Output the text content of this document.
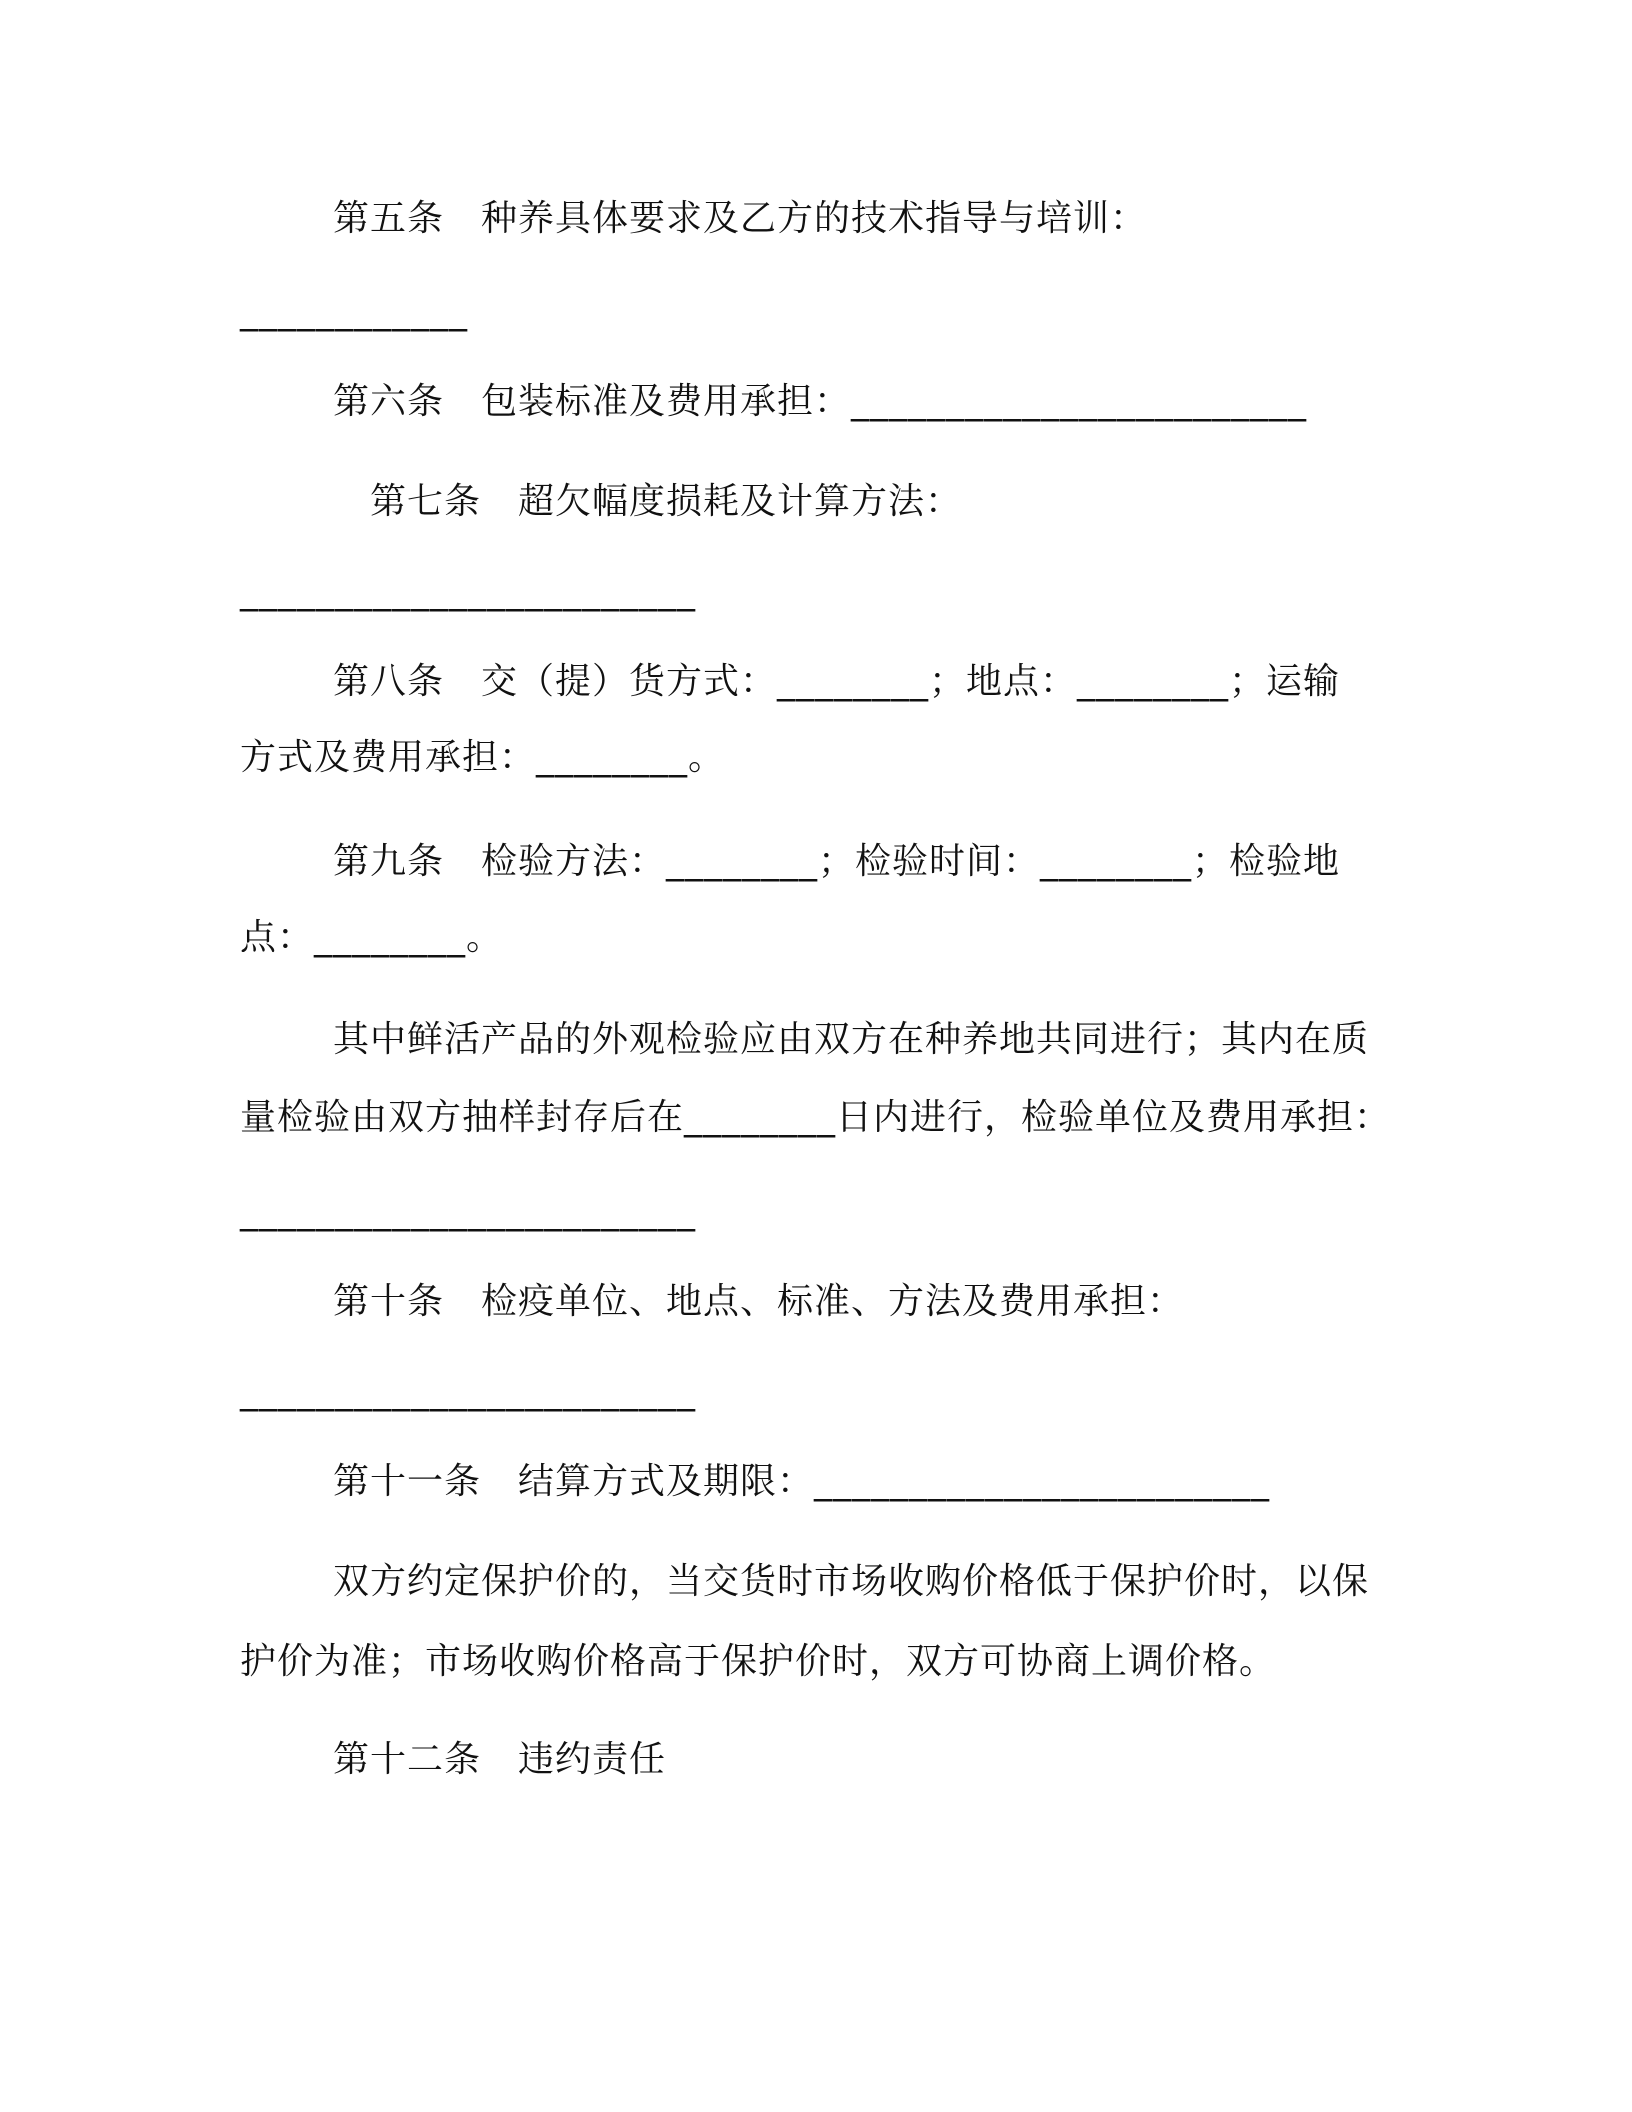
第五条　种养具体要求及乙方的技术指导与培训：
____________
第六条　包装标准及费用承担：________________________
第七条　超欠幅度损耗及计算方法：
________________________
第八条　交（提）货方式：________；地点：________；运输
方式及费用承担：________。
第九条　检验方法：________；检验时间：________；检验地
点：________。
其中鲜活产品的外观检验应由双方在种养地共同进行；其内在质
量检验由双方抽样封存后在________日内进行，检验单位及费用承担：
________________________
第十条　检疫单位、地点、标准、方法及费用承担：
________________________
第十一条　结算方式及期限：________________________
双方约定保护价的，当交货时市场收购价格低于保护价时，以保
护价为准；市场收购价格高于保护价时，双方可协商上调价格。
第十二条　违约责任
